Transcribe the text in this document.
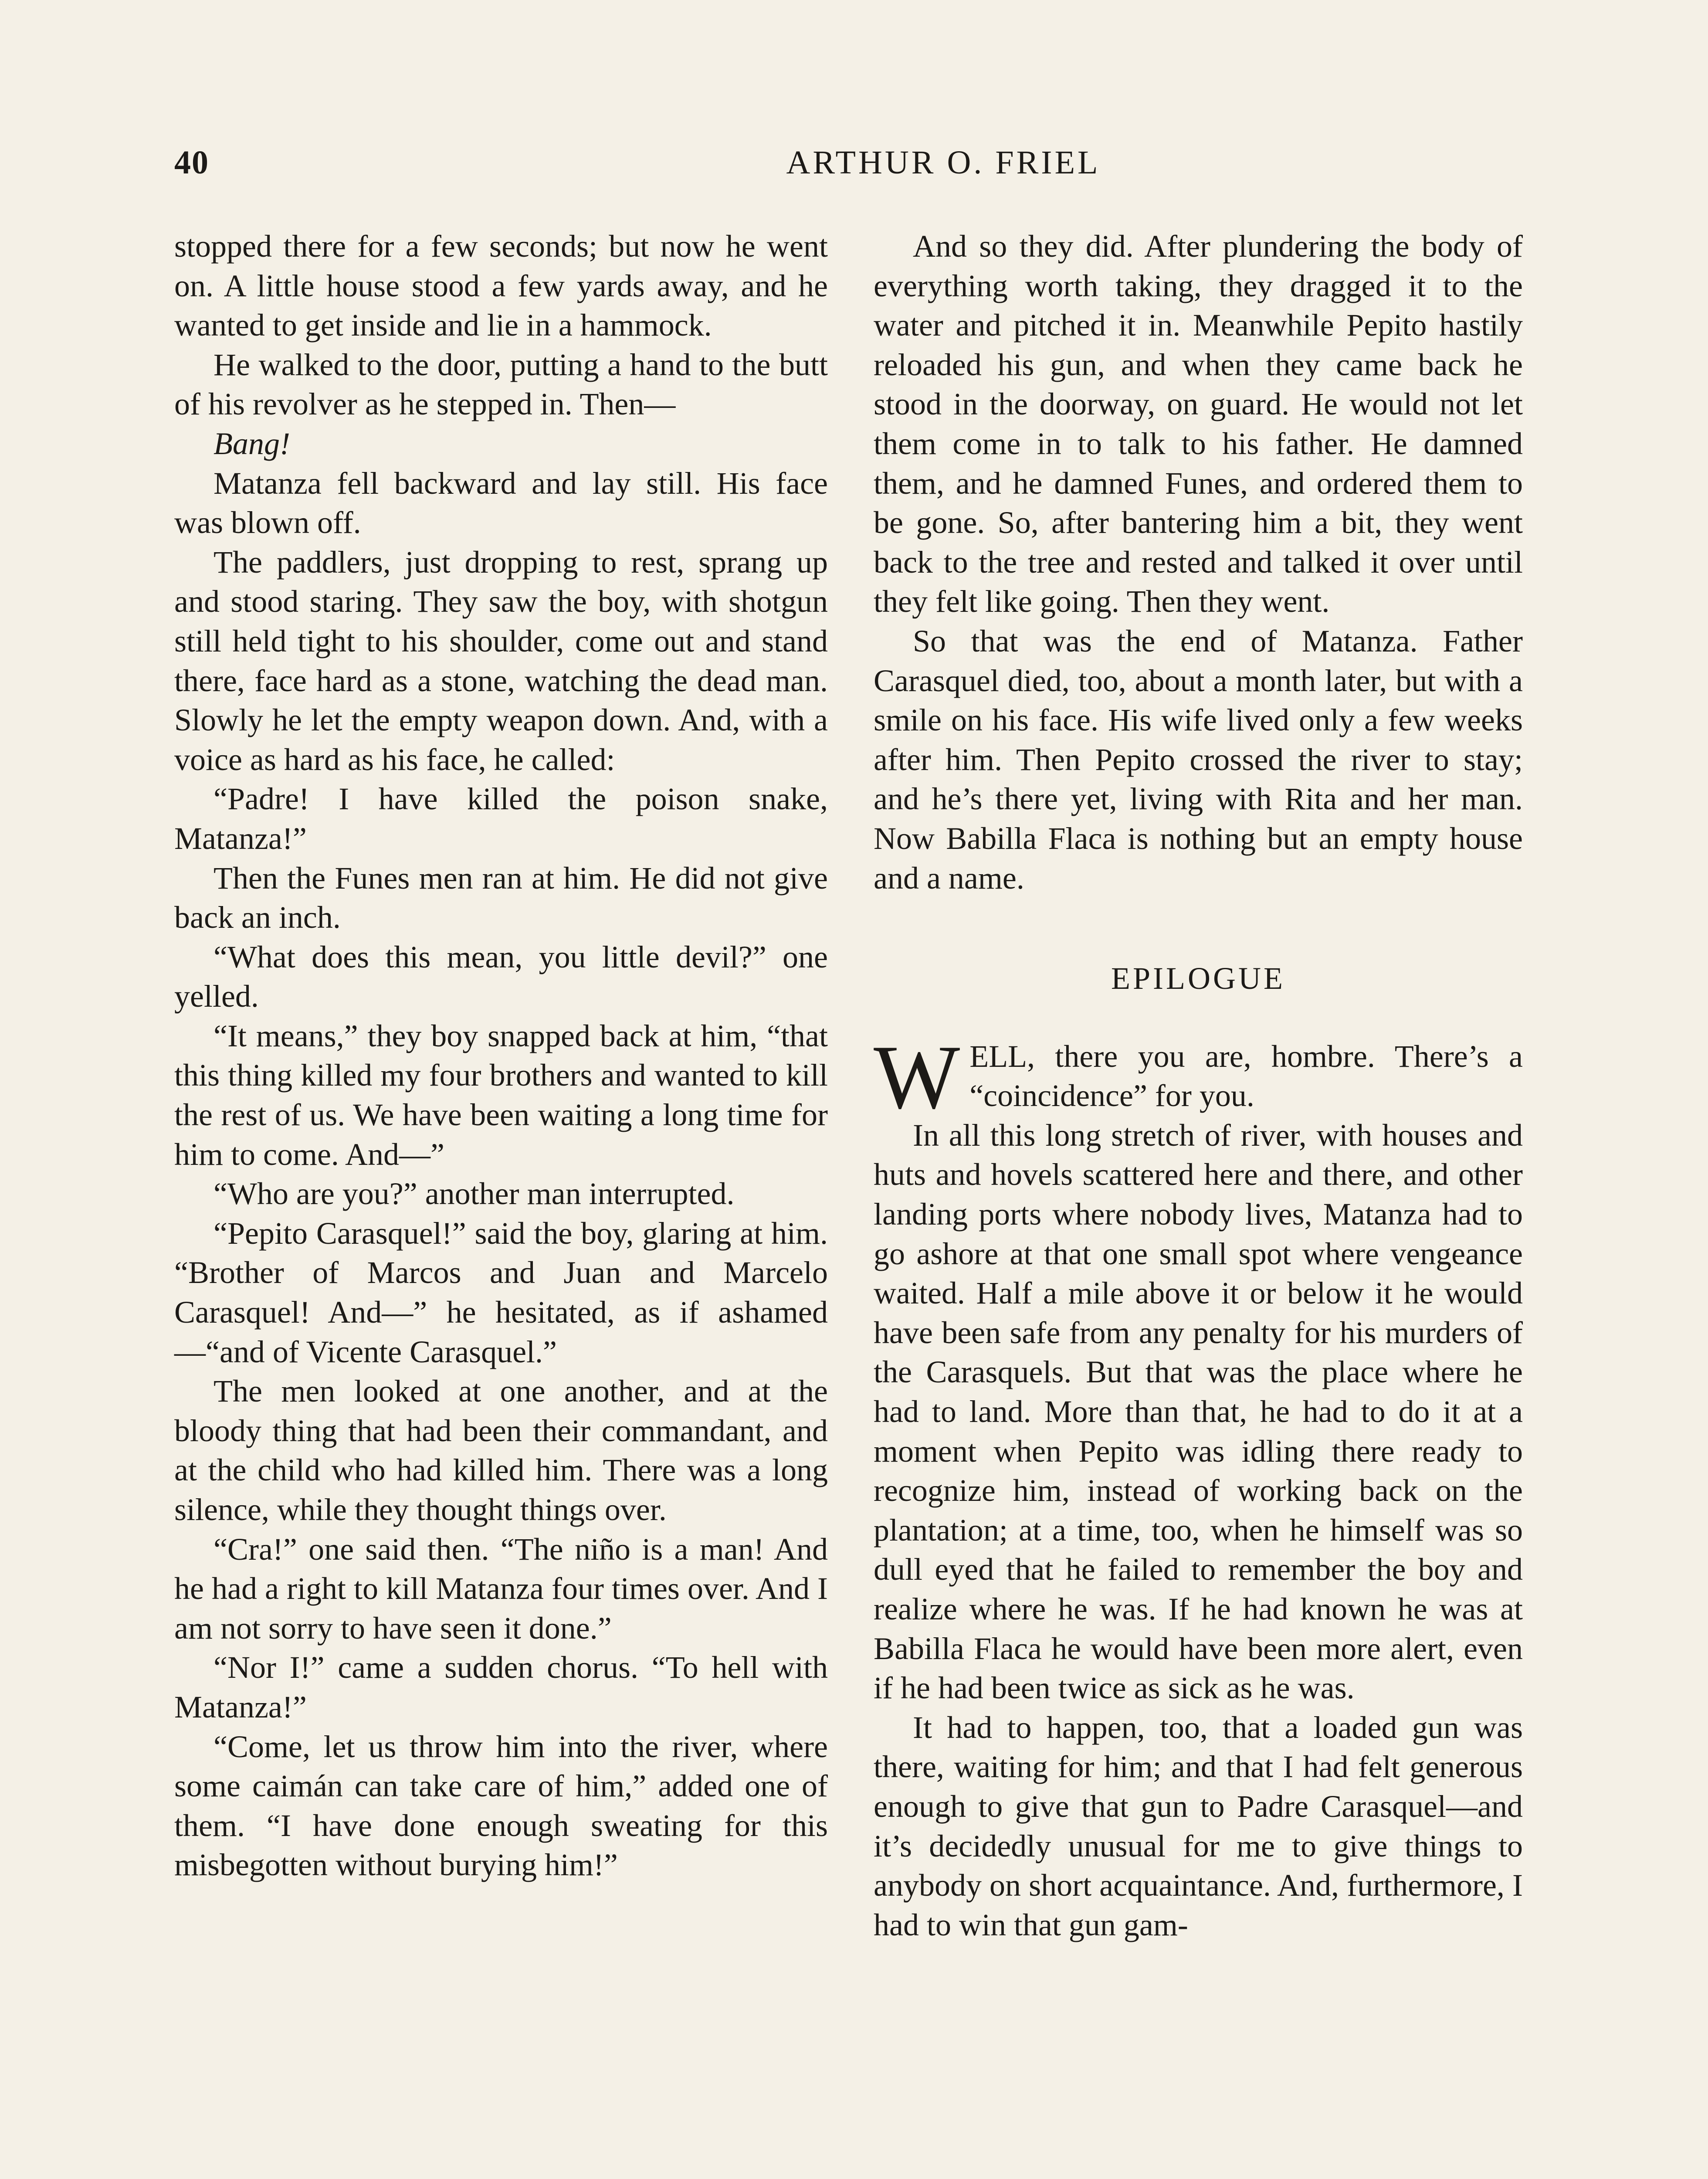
40	ARTHUR O. FRIEL

stopped there for a few seconds; but now he went on. A little house stood a few yards away, and he wanted to get inside and lie in a hammock.

He walked to the door, putting a hand to the butt of his revolver as he stepped in. Then—

Bang!

Matanza fell backward and lay still. His face was blown off.

The paddlers, just dropping to rest, sprang up and stood staring. They saw the boy, with shotgun still held tight to his shoulder, come out and stand there, face hard as a stone, watching the dead man. Slowly he let the empty weapon down. And, with a voice as hard as his face, he called:

“Padre! I have killed the poison snake, Matanza!”

Then the Funes men ran at him. He did not give back an inch.

“What does this mean, you little devil?” one yelled.

“It means,” they boy snapped back at him, “that this thing killed my four brothers and wanted to kill the rest of us. We have been waiting a long time for him to come. And—”

“Who are you?” another man interrupted.

“Pepito Carasquel!” said the boy, glaring at him. “Brother of Marcos and Juan and Marcelo Carasquel! And—” he hesitated, as if ashamed—“and of Vicente Carasquel.”

The men looked at one another, and at the bloody thing that had been their commandant, and at the child who had killed him. There was a long silence, while they thought things over.

“Cra!” one said then. “The niño is a man! And he had a right to kill Matanza four times over. And I am not sorry to have seen it done.”

“Nor I!” came a sudden chorus. “To hell with Matanza!”

“Come, let us throw him into the river, where some caimán can take care of him,” added one of them. “I have done enough sweating for this misbegotten without burying him!”

And so they did. After plundering the body of everything worth taking, they dragged it to the water and pitched it in. Meanwhile Pepito hastily reloaded his gun, and when they came back he stood in the doorway, on guard. He would not let them come in to talk to his father. He damned them, and he damned Funes, and ordered them to be gone. So, after bantering him a bit, they went back to the tree and rested and talked it over until they felt like going. Then they went.

So that was the end of Matanza. Father Carasquel died, too, about a month later, but with a smile on his face. His wife lived only a few weeks after him. Then Pepito crossed the river to stay; and he’s there yet, living with Rita and her man. Now Babilla Flaca is nothing but an empty house and a name.

EPILOGUE

WELL, there you are, hombre. There’s a “coincidence” for you.

In all this long stretch of river, with houses and huts and hovels scattered here and there, and other landing ports where nobody lives, Matanza had to go ashore at that one small spot where vengeance waited. Half a mile above it or below it he would have been safe from any penalty for his murders of the Carasquels. But that was the place where he had to land. More than that, he had to do it at a moment when Pepito was idling there ready to recognize him, instead of working back on the plantation; at a time, too, when he himself was so dull eyed that he failed to remember the boy and realize where he was. If he had known he was at Babilla Flaca he would have been more alert, even if he had been twice as sick as he was.

It had to happen, too, that a loaded gun was there, waiting for him; and that I had felt generous enough to give that gun to Padre Carasquel—and it’s decidedly unusual for me to give things to anybody on short acquaintance. And, furthermore, I had to win that gun gam-
